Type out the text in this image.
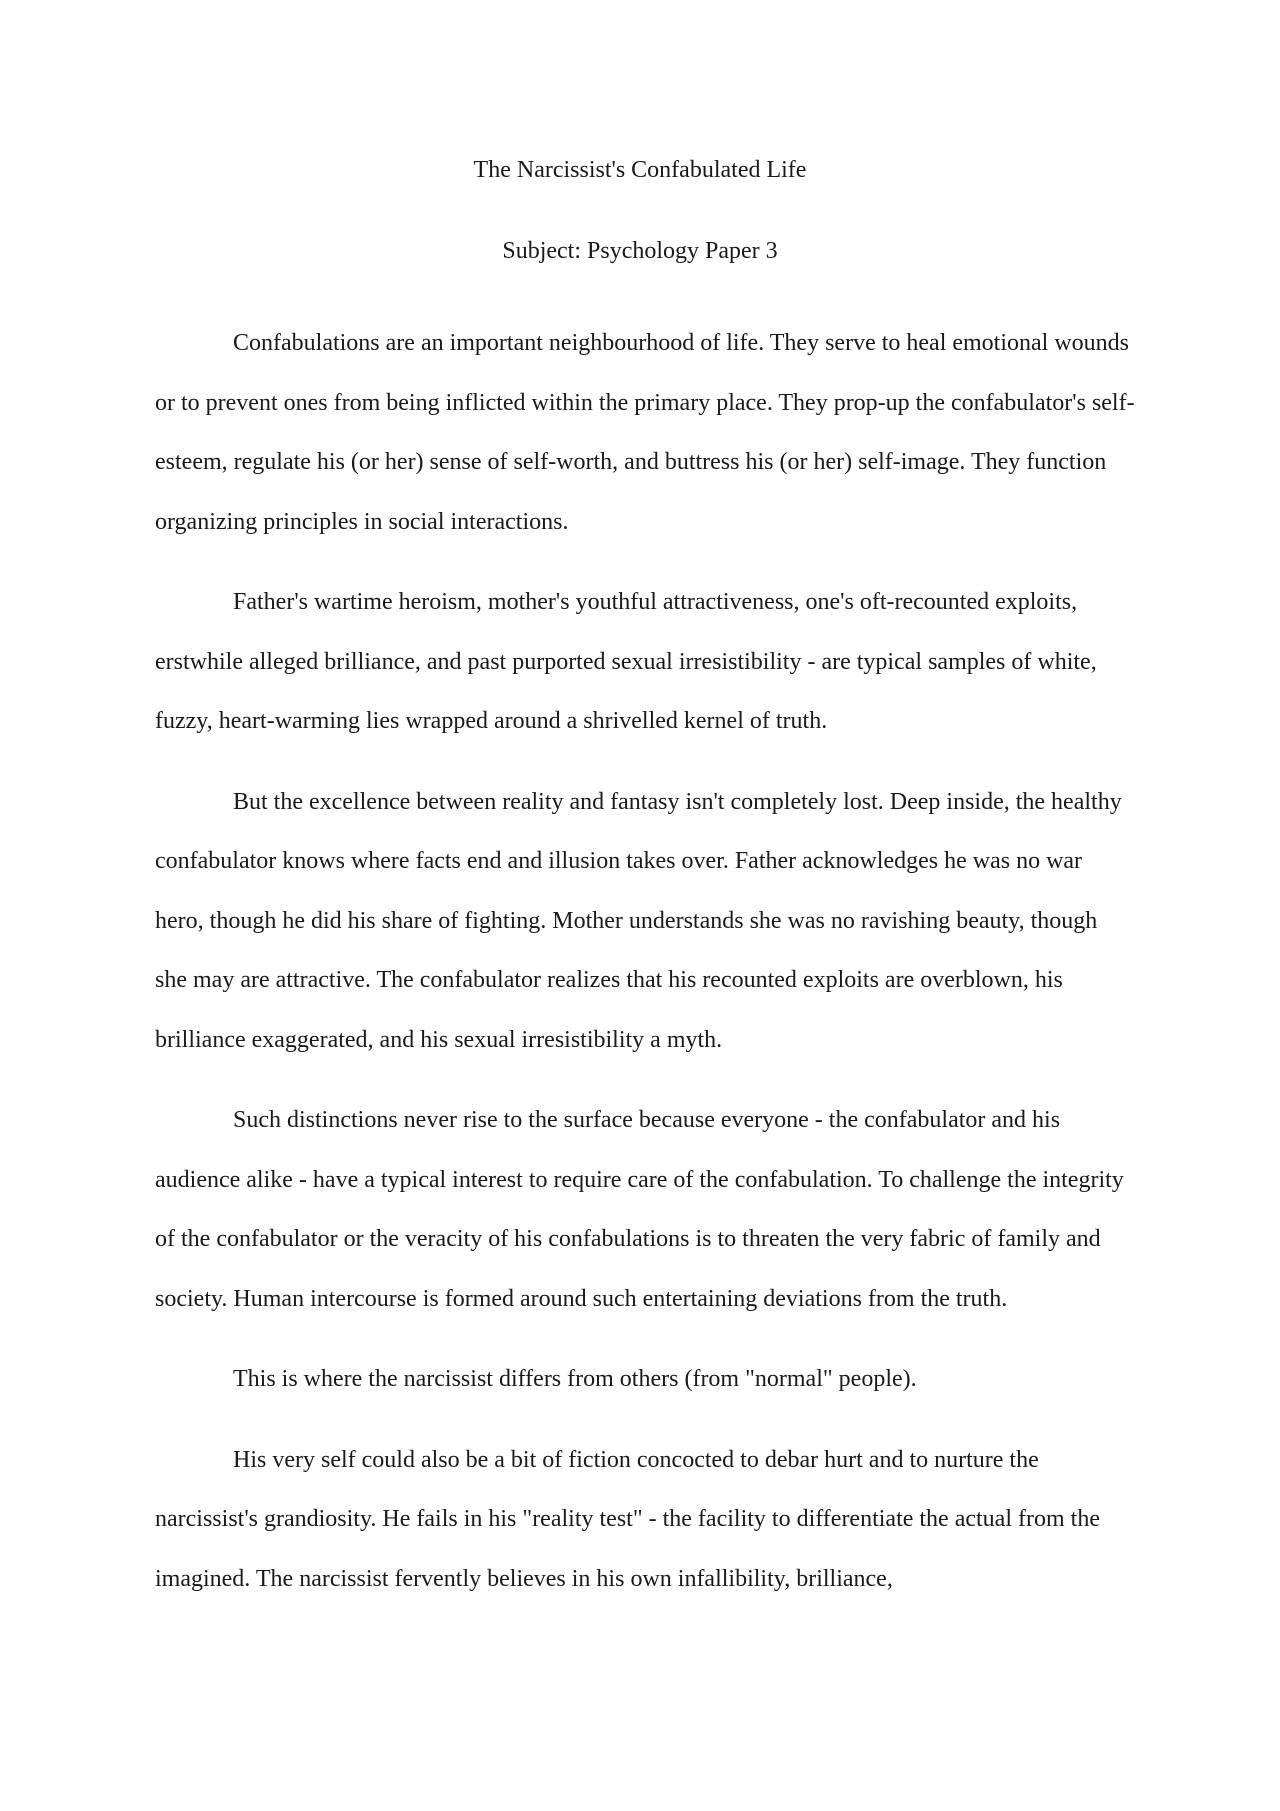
The Narcissist's Confabulated Life
Subject: Psychology Paper 3

Confabulations are an important neighbourhood of life. They serve to heal emotional wounds or to prevent ones from being inflicted within the primary place. They prop-up the confabulator's self-esteem, regulate his (or her) sense of self-worth, and buttress his (or her) self-image. They function organizing principles in social interactions.

Father's wartime heroism, mother's youthful attractiveness, one's oft-recounted exploits, erstwhile alleged brilliance, and past purported sexual irresistibility - are typical samples of white, fuzzy, heart-warming lies wrapped around a shrivelled kernel of truth.

But the excellence between reality and fantasy isn't completely lost. Deep inside, the healthy confabulator knows where facts end and illusion takes over. Father acknowledges he was no war hero, though he did his share of fighting. Mother understands she was no ravishing beauty, though she may are attractive. The confabulator realizes that his recounted exploits are overblown, his brilliance exaggerated, and his sexual irresistibility a myth.

Such distinctions never rise to the surface because everyone - the confabulator and his audience alike - have a typical interest to require care of the confabulation. To challenge the integrity of the confabulator or the veracity of his confabulations is to threaten the very fabric of family and society. Human intercourse is formed around such entertaining deviations from the truth.

This is where the narcissist differs from others (from "normal" people).

His very self could also be a bit of fiction concocted to debar hurt and to nurture the narcissist's grandiosity. He fails in his "reality test" - the facility to differentiate the actual from the imagined. The narcissist fervently believes in his own infallibility, brilliance,
